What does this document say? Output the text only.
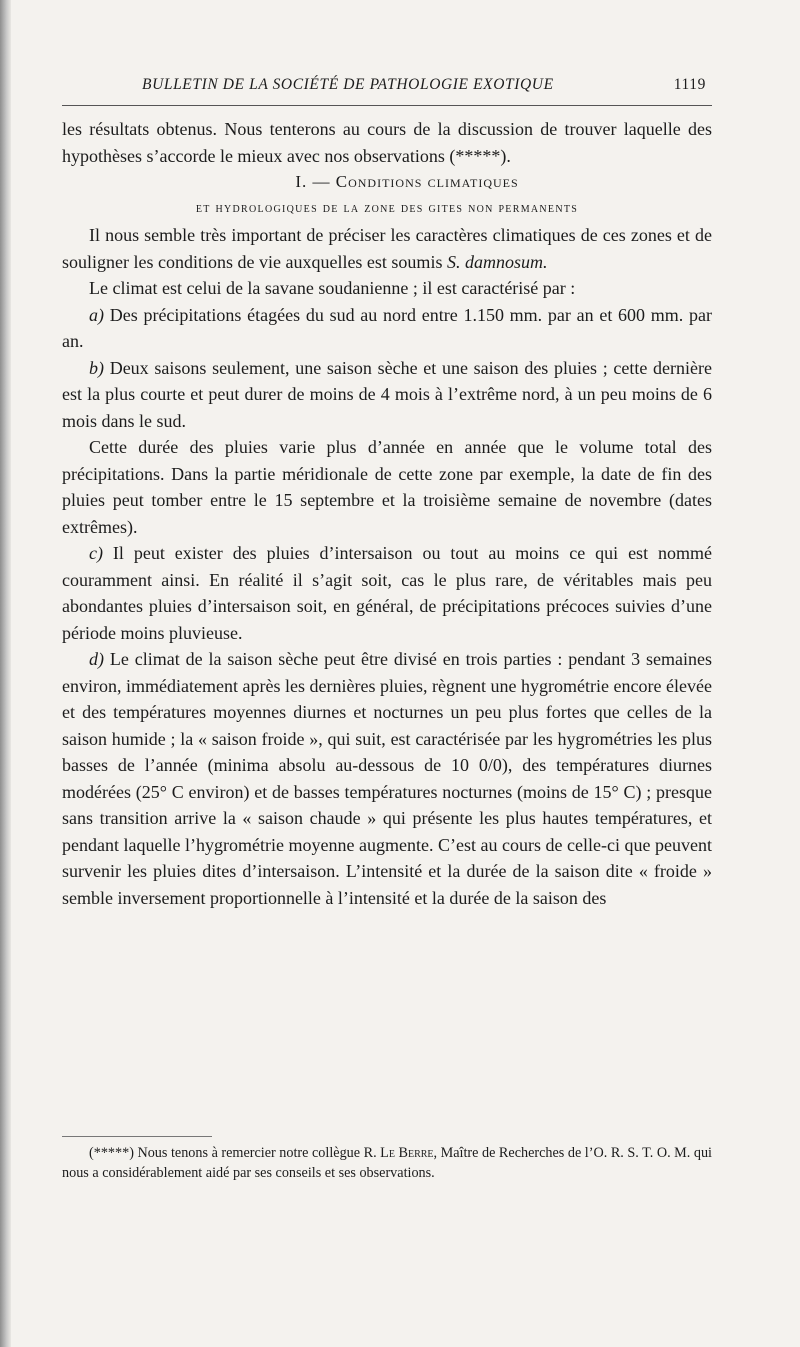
BULLETIN DE LA SOCIÉTÉ DE PATHOLOGIE EXOTIQUE	1119

les résultats obtenus. Nous tenterons au cours de la discussion de trouver laquelle des hypothèses s’accorde le mieux avec nos observations (*****).

I. — Conditions climatiques

et hydrologiques de la zone des gites non permanents

Il nous semble très important de préciser les caractères climatiques de ces zones et de souligner les conditions de vie auxquelles est soumis S. damnosum.

Le climat est celui de la savane soudanienne ; il est caractérisé par :

a) Des précipitations étagées du sud au nord entre 1.150 mm. par an et 600 mm. par an.

b) Deux saisons seulement, une saison sèche et une saison des pluies ; cette dernière est la plus courte et peut durer de moins de 4 mois à l’extrême nord, à un peu moins de 6 mois dans le sud.

Cette durée des pluies varie plus d’année en année que le volume total des précipitations. Dans la partie méridionale de cette zone par exemple, la date de fin des pluies peut tomber entre le 15 septembre et la troisième semaine de novembre (dates extrêmes).

c) Il peut exister des pluies d’intersaison ou tout au moins ce qui est nommé couramment ainsi. En réalité il s’agit soit, cas le plus rare, de véritables mais peu abondantes pluies d’intersaison soit, en général, de précipitations précoces suivies d’une période moins pluvieuse.

d) Le climat de la saison sèche peut être divisé en trois parties : pendant 3 semaines environ, immédiatement après les dernières pluies, règnent une hygrométrie encore élevée et des températures moyennes diurnes et nocturnes un peu plus fortes que celles de la saison humide ; la « saison froide », qui suit, est caractérisée par les hygrométries les plus basses de l’année (minima absolu au-dessous de 10 0/0), des températures diurnes modérées (25° C environ) et de basses températures nocturnes (moins de 15° C) ; presque sans transition arrive la « saison chaude » qui présente les plus hautes températures, et pendant laquelle l’hygrométrie moyenne augmente. C’est au cours de celle-ci que peuvent survenir les pluies dites d’intersaison. L’intensité et la durée de la saison dite « froide » semble inversement proportionnelle à l’intensité et la durée de la saison des

(*****) Nous tenons à remercier notre collègue R. Le Berre, Maître de Recherches de l’O. R. S. T. O. M. qui nous a considérablement aidé par ses conseils et ses observations.
